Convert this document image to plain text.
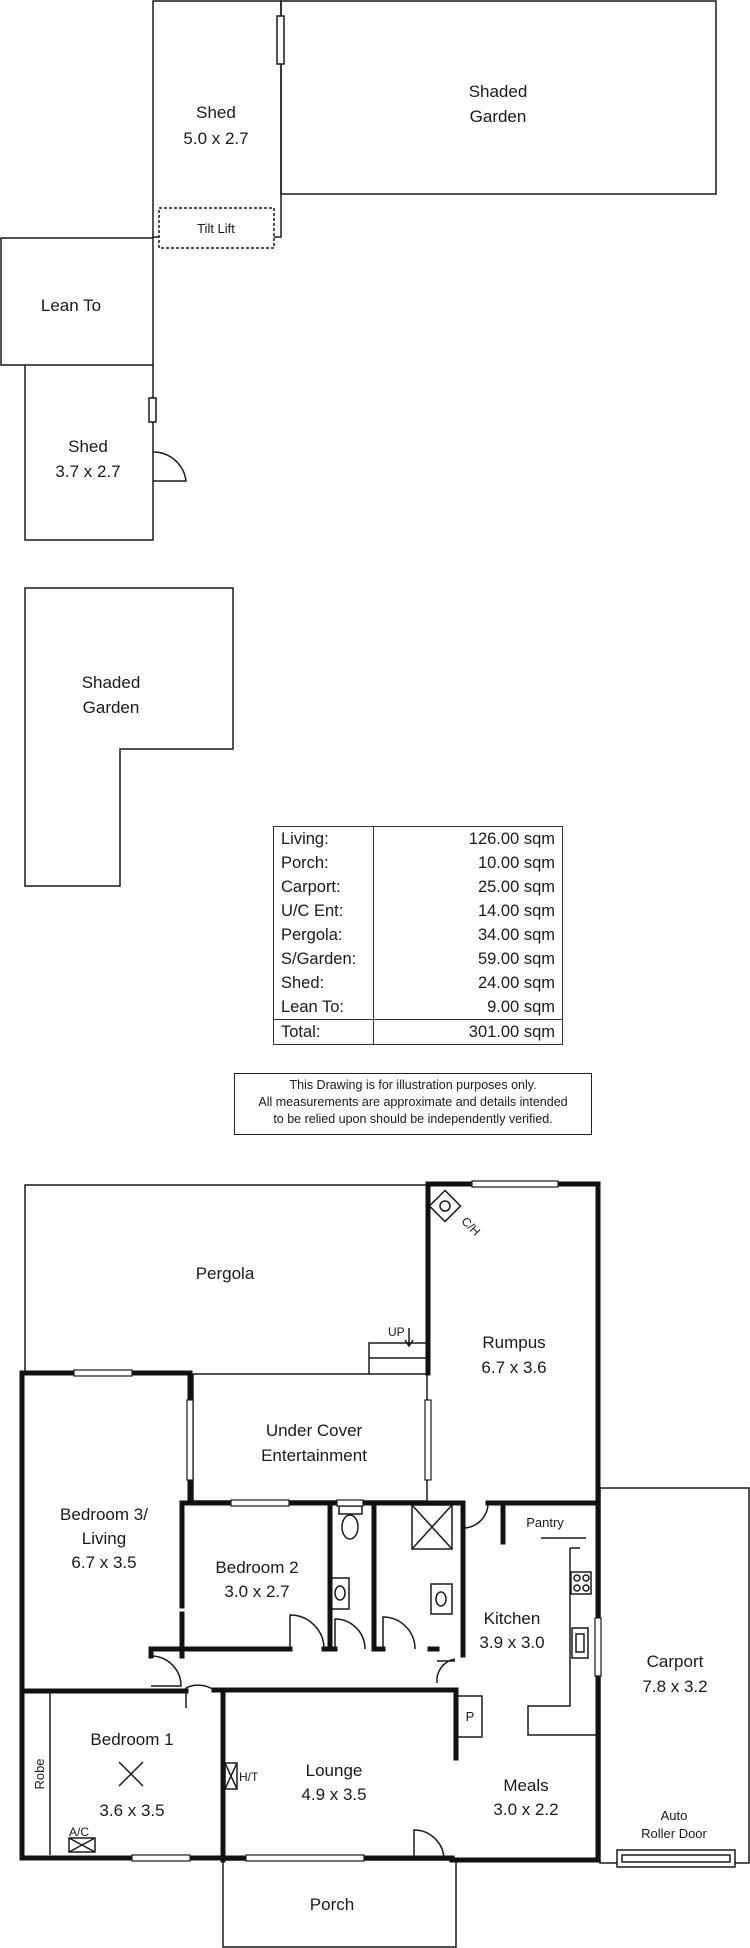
Shed
5.0 x 2.7
Shaded
Garden
Tilt Lift
Lean To
Shed
3.7 x 2.7
Shaded
Garden
Pergola
Rumpus
6.7 x 3.6
C/H
UP
Under Cover
Entertainment
Bedroom 3/
Living
6.7 x 3.5	Bedroom 2
3.0 x 2.7
Pantry
Kitchen
3.9 x 3.0
Carport
7.8 x 3.2
P
Bedroom 1
3.6 x 3.5
Robe
A/C
H/T	Lounge
4.9 x 3.5	Meals
3.0 x 2.2	Auto
Roller Door
Porch
Living:	126.00 sqm
Porch:	10.00 sqm
Carport:	25.00 sqm
U/C Ent:	14.00 sqm
Pergola:	34.00 sqm
S/Garden:	59.00 sqm
Shed:	24.00 sqm
Lean To:	9.00 sqm
Total:	301.00 sqm
This Drawing is for illustration purposes only.
All measurements are approximate and details intended
to be relied upon should be independently verified.
